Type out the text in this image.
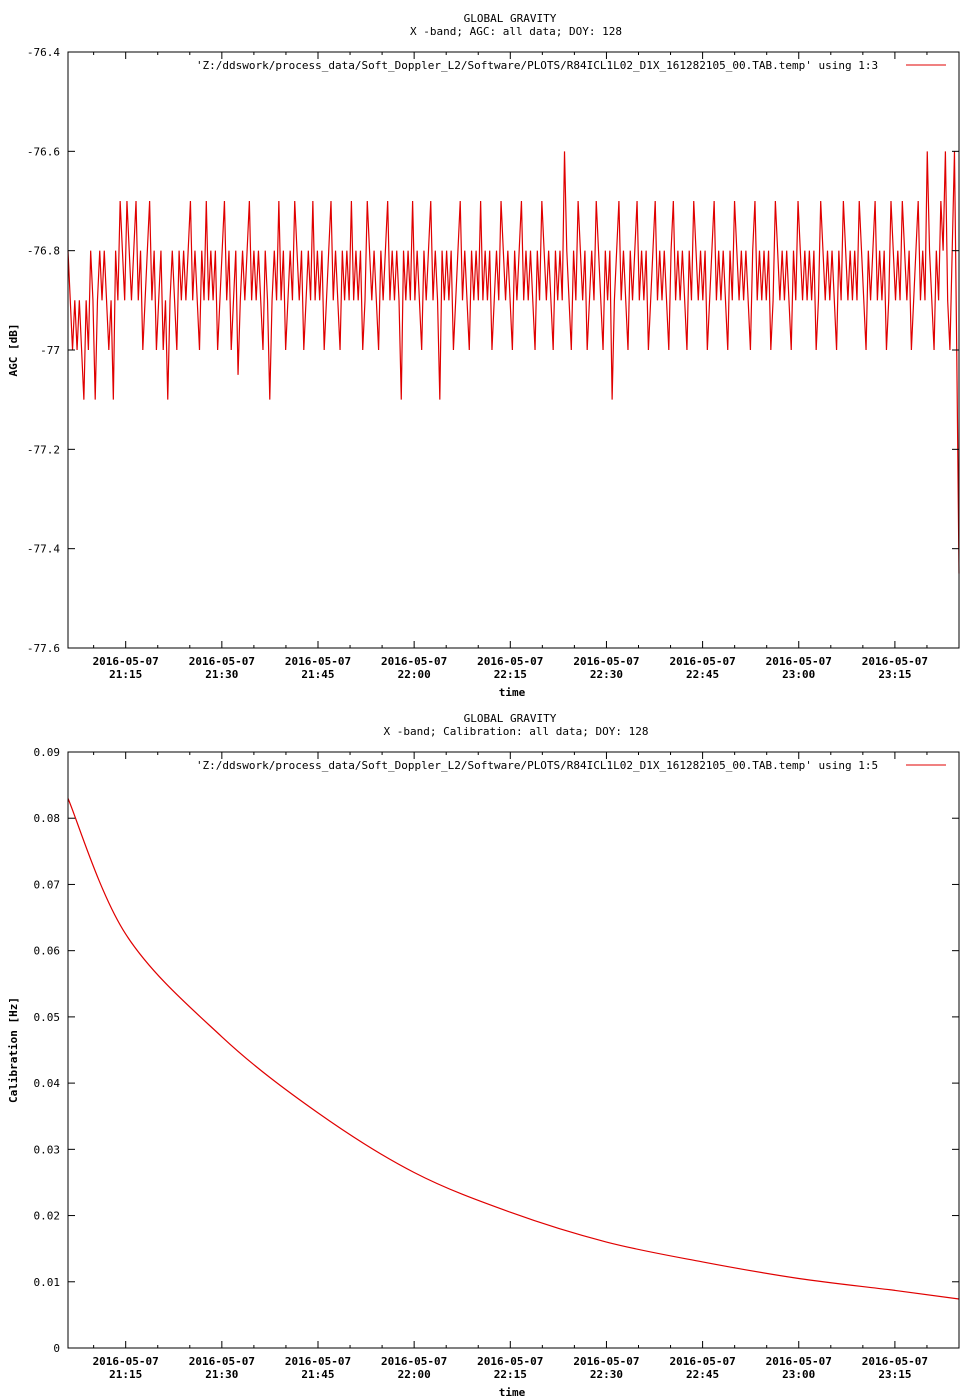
GLOBAL GRAVITY
X -band; AGC: all data; DOY: 128
'Z:/ddswork/process_data/Soft_Doppler_L2/Software/PLOTS/R84ICL1L02_D1X_161282105_00.TAB.temp' using 1:3
-76.4
-76.6
-76.8
-77
-77.2
-77.4
-77.6
2016-05-07
21:15
2016-05-07
21:30
2016-05-07
21:45
2016-05-07
22:00
2016-05-07
22:15
2016-05-07
22:30
2016-05-07
22:45
2016-05-07
23:00
2016-05-07
23:15
time
AGC [dB]
GLOBAL GRAVITY
X -band; Calibration: all data; DOY: 128
'Z:/ddswork/process_data/Soft_Doppler_L2/Software/PLOTS/R84ICL1L02_D1X_161282105_00.TAB.temp' using 1:5
0.09
0.08
0.07
0.06
0.05
0.04
0.03
0.02
0.01
0
2016-05-07
21:15
2016-05-07
21:30
2016-05-07
21:45
2016-05-07
22:00
2016-05-07
22:15
2016-05-07
22:30
2016-05-07
22:45
2016-05-07
23:00
2016-05-07
23:15
time
Calibration [Hz]
